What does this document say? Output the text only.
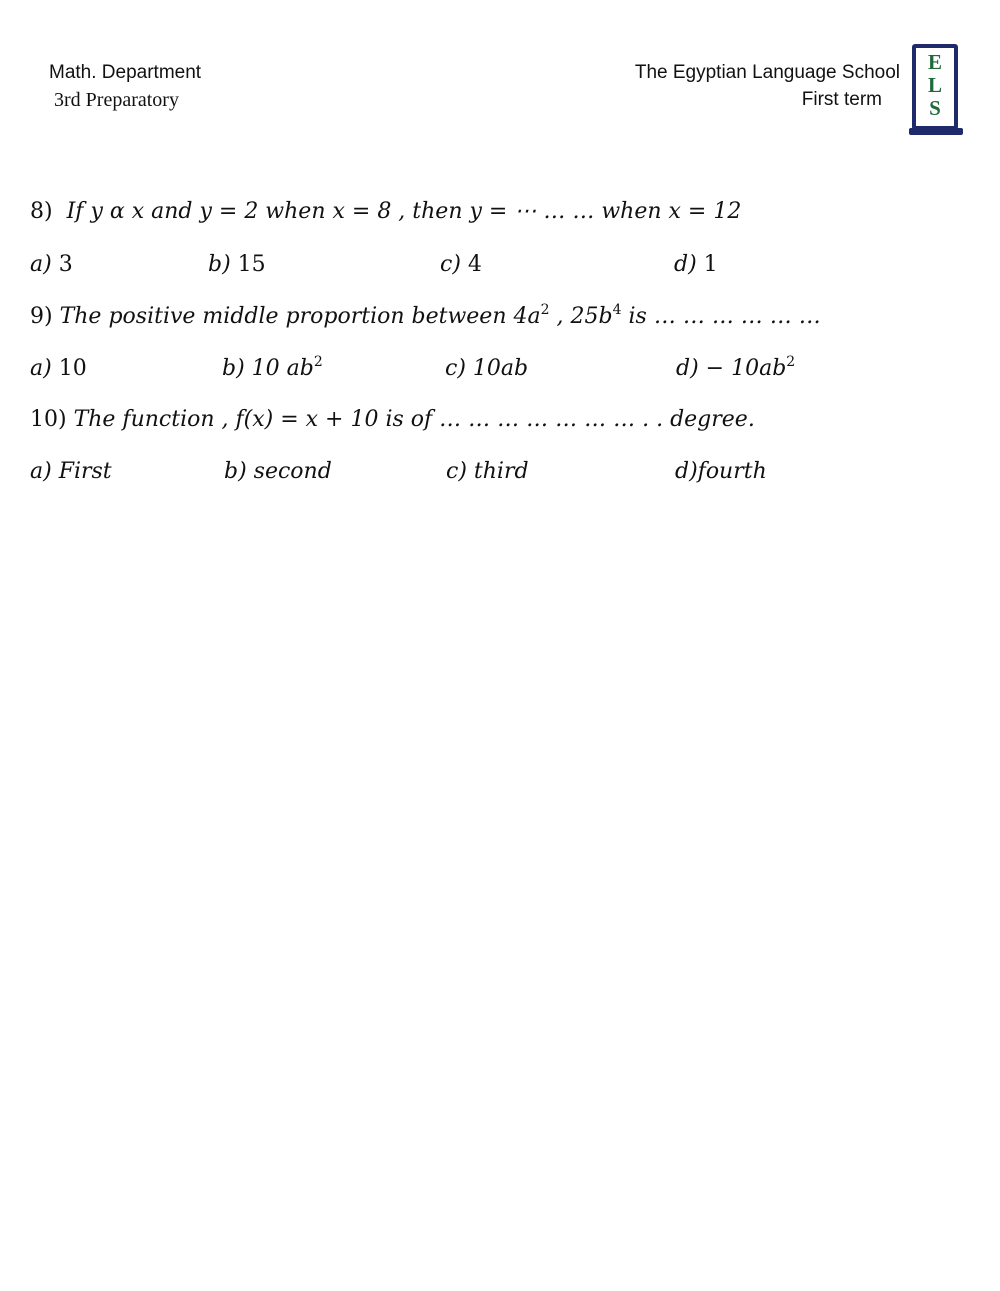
Math. Department
3rd Preparatory
The Egyptian Language School
First term
E
L
S
8) If y α x and y = 2 when x = 8 , then y = ⋯ … … when x = 12
a) 3	b) 15	c) 4	d) 1
9) The positive middle proportion between $4a^2$ , $25b^4$ is … … … … … …
a) 10	b) 10 $ab^2$	c) 10ab	$d) - 10ab^2$
10) The function , f(x) = x + 10 is of … … … … … … … . . degree.
a) First	b) second	c) third	d)fourth
